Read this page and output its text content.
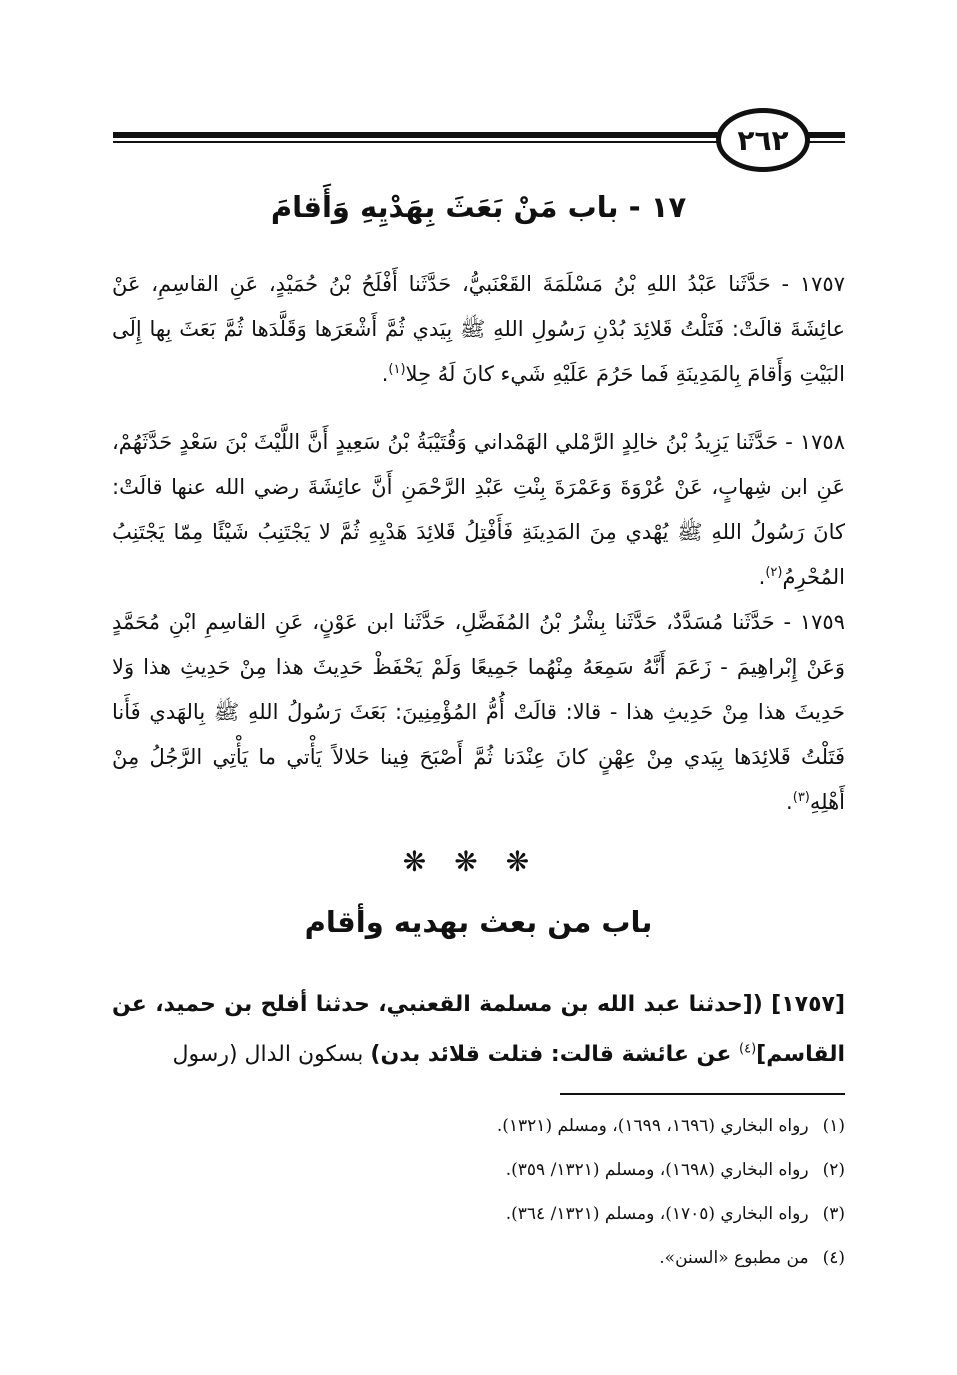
٢٦٢
١٧ - باب مَنْ بَعَثَ بِهَدْيِهِ وَأَقامَ
١٧٥٧ - حَدَّثَنا عَبْدُ اللهِ بْنُ مَسْلَمَةَ القَعْنَبيُّ، حَدَّثَنا أَفْلَحُ بْنُ حُمَيْدٍ، عَنِ القاسِمِ، عَنْ عائِشَةَ قالَتْ: فَتَلْتُ قَلائِدَ بُدْنِ رَسُولِ اللهِ ﷺ بِيَدي ثُمَّ أَشْعَرَها وَقَلَّدَها ثُمَّ بَعَثَ بِها إِلَى البَيْتِ وَأَقامَ بِالمَدِينَةِ فَما حَرُمَ عَلَيْهِ شَيء كانَ لَهُ حِلا$^{(١)}$.
١٧٥٨ - حَدَّثَنا يَزِيدُ بْنُ خالِدٍ الرَّمْلي الهَمْداني وَقُتَيْبَةُ بْنُ سَعِيدٍ أَنَّ اللَّيْثَ بْنَ سَعْدٍ حَدَّثَهُمْ، عَنِ ابن شِهابٍ، عَنْ عُرْوَةَ وَعَمْرَةَ بِنْتِ عَبْدِ الرَّحْمَنِ أَنَّ عائِشَةَ رضي الله عنها قالَتْ: كانَ رَسُولُ اللهِ ﷺ يُهْدي مِنَ المَدِينَةِ فَأَفْتِلُ قَلائِدَ هَدْيِهِ ثُمَّ لا يَجْتَنِبُ شَيْئًا مِمّا يَجْتَنِبُ المُحْرِمُ$^{(٢)}$.
١٧٥٩ - حَدَّثَنا مُسَدَّدٌ، حَدَّثَنا بِشْرُ بْنُ المُفَضَّلِ، حَدَّثَنا ابن عَوْنٍ، عَنِ القاسِمِ ابْنِ مُحَمَّدٍ وَعَنْ إِبْراهِيمَ - زَعَمَ أَنَّهُ سَمِعَهُ مِنْهُما جَمِيعًا وَلَمْ يَحْفَظْ حَدِيثَ هذا مِنْ حَدِيثِ هذا وَلا حَدِيثَ هذا مِنْ حَدِيثِ هذا - قالا: قالَتْ أُمُّ المُؤْمِنِينَ: بَعَثَ رَسُولُ اللهِ ﷺ بِالهَدي فَأَنا فَتَلْتُ قَلائِدَها بِيَدي مِنْ عِهْنٍ كانَ عِنْدَنا ثُمَّ أَصْبَحَ فِينا حَلالاً يَأْتي ما يَأْتِي الرَّجُلُ مِنْ أَهْلِهِ$^{(٣)}$.
❋❋❋
باب من بعث بهديه وأقام
[١٧٥٧] ([حدثنا عبد الله بن مسلمة القعنبي، حدثنا أفلح بن حميد، عن القاسم]$^{(٤)}$ عن عائشة قالت: فتلت قلائد بدن) بسكون الدال (رسول
(١)رواه البخاري (١٦٩٦، ١٦٩٩)، ومسلم (١٣٢١).
(٢)رواه البخاري (١٦٩٨)، ومسلم (١٣٢١/ ٣٥٩).
(٣)رواه البخاري (١٧٠٥)، ومسلم (١٣٢١/ ٣٦٤).
(٤)من مطبوع «السنن».
